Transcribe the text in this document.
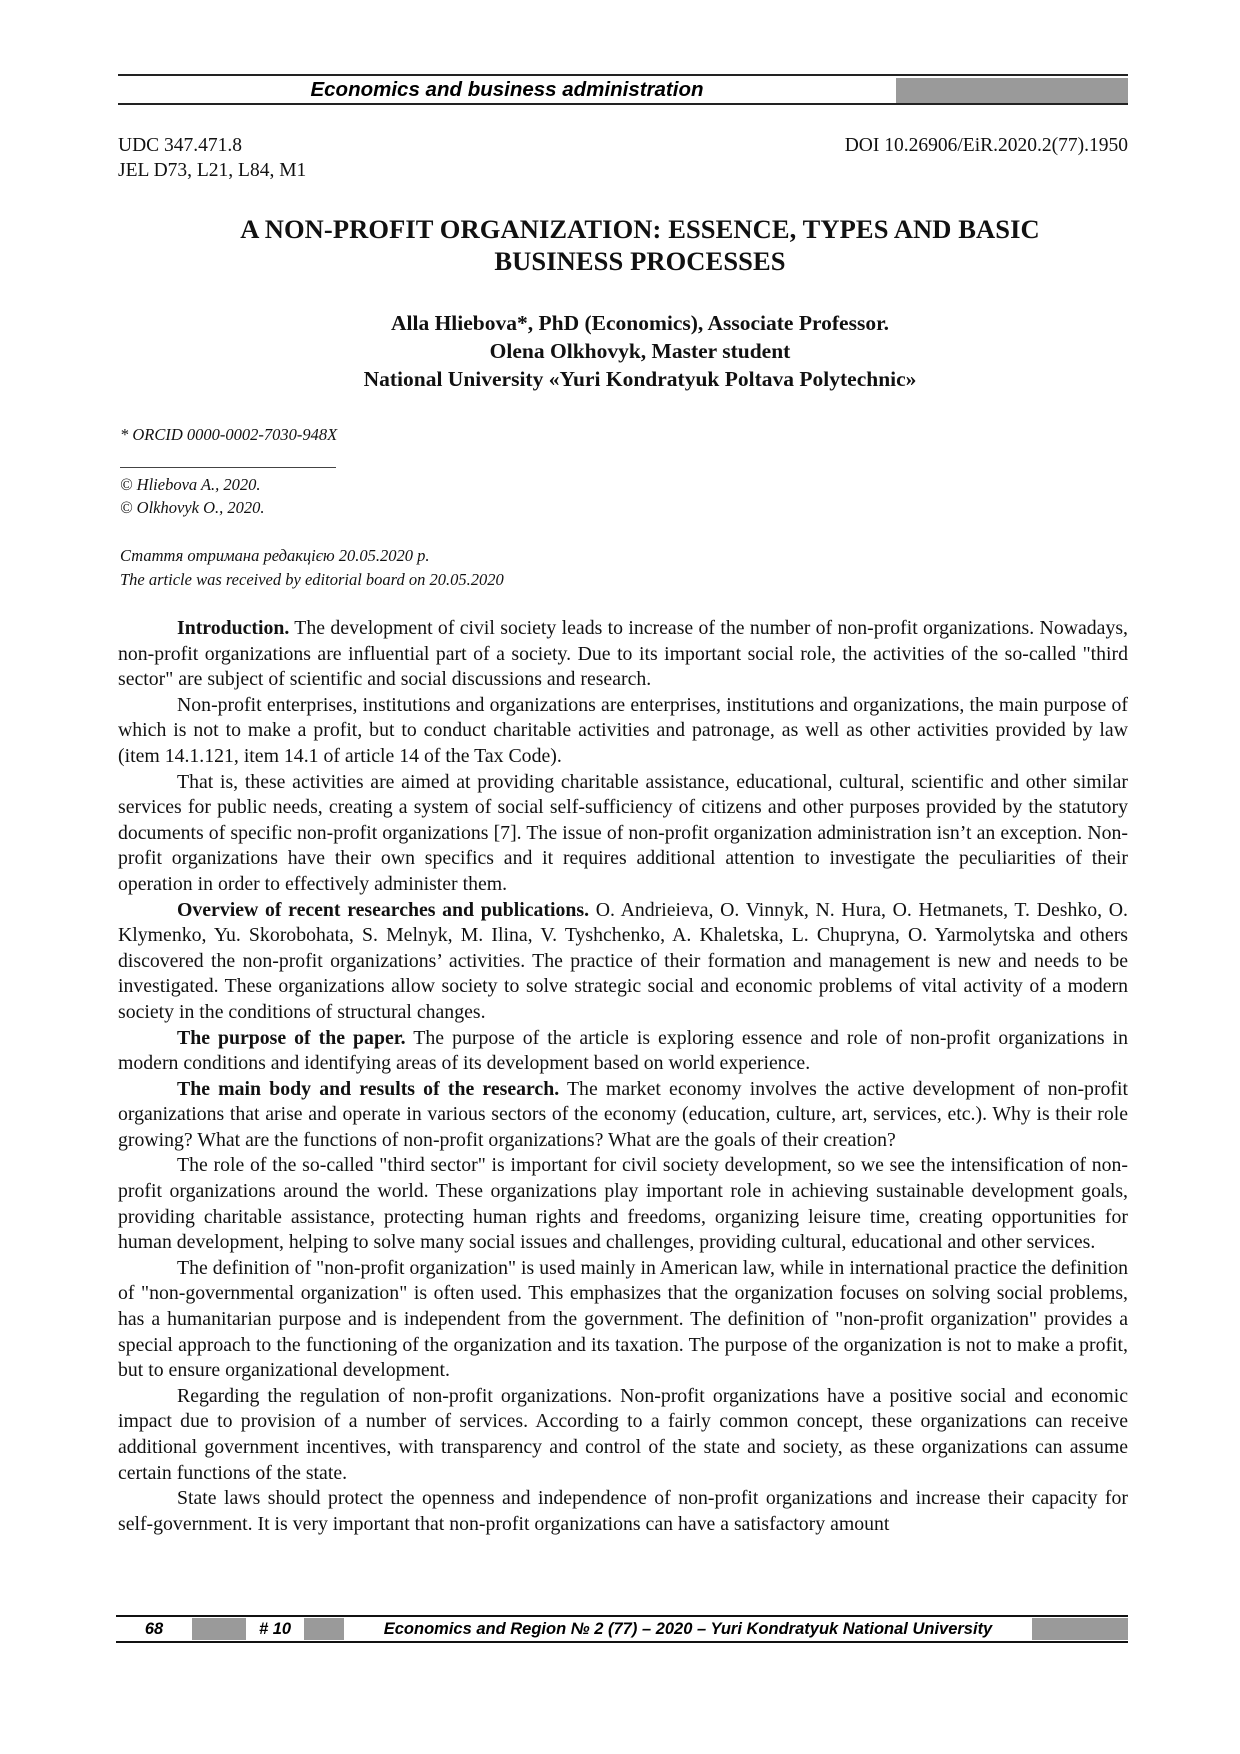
Economics and business administration
UDC 347.471.8
JEL D73, L21, L84, M1
DOI 10.26906/EiR.2020.2(77).1950
A NON-PROFIT ORGANIZATION: ESSENCE, TYPES AND BASIC
BUSINESS PROCESSES
Alla Hliebova*, PhD (Economics), Associate Professor.
Olena Olkhovyk, Master student
National University «Yuri Kondratyuk Poltava Polytechnic»
* ORCID 0000-0002-7030-948X
© Hliebova A., 2020.
© Olkhovyk O., 2020.
Стаття отримана редакцією 20.05.2020 р.
The article was received by editorial board on 20.05.2020

Introduction. The development of civil society leads to increase of the number of non-profit organizations. Nowadays, non-profit organizations are influential part of a society. Due to its important social role, the activities of the so-called "third sector" are subject of scientific and social discussions and research.

Non-profit enterprises, institutions and organizations are enterprises, institutions and organizations, the main purpose of which is not to make a profit, but to conduct charitable activities and patronage, as well as other activities provided by law (item 14.1.121, item 14.1 of article 14 of the Tax Code).

That is, these activities are aimed at providing charitable assistance, educational, cultural, scientific and other similar services for public needs, creating a system of social self-sufficiency of citizens and other purposes provided by the statutory documents of specific non-profit organizations [7]. The issue of non-profit organization administration isn’t an exception. Non-profit organizations have their own specifics and it requires additional attention to investigate the peculiarities of their operation in order to effectively administer them.

Overview of recent researches and publications. O. Andrieieva, O. Vinnyk, N. Hura, O. Hetmanets, T. Deshko, O. Klymenko, Yu. Skorobohata, S. Melnyk, M. Ilina, V. Tyshchenko, A. Khaletska, L. Chupryna, O. Yarmolytska and others discovered the non-profit organizations’ activities. The practice of their formation and management is new and needs to be investigated. These organizations allow society to solve strategic social and economic problems of vital activity of a modern society in the conditions of structural changes.

The purpose of the paper. The purpose of the article is exploring essence and role of non-profit organizations in modern conditions and identifying areas of its development based on world experience.

The main body and results of the research. The market economy involves the active development of non-profit organizations that arise and operate in various sectors of the economy (education, culture, art, services, etc.). Why is their role growing? What are the functions of non-profit organizations? What are the goals of their creation?

The role of the so-called "third sector" is important for civil society development, so we see the intensification of non-profit organizations around the world. These organizations play important role in achieving sustainable development goals, providing charitable assistance, protecting human rights and freedoms, organizing leisure time, creating opportunities for human development, helping to solve many social issues and challenges, providing cultural, educational and other services.

The definition of "non-profit organization" is used mainly in American law, while in international practice the definition of "non-governmental organization" is often used. This emphasizes that the organization focuses on solving social problems, has a humanitarian purpose and is independent from the government. The definition of "non-profit organization" provides a special approach to the functioning of the organization and its taxation. The purpose of the organization is not to make a profit, but to ensure organizational development.

Regarding the regulation of non-profit organizations. Non-profit organizations have a positive social and economic impact due to provision of a number of services. According to a fairly common concept, these organizations can receive additional government incentives, with transparency and control of the state and society, as these organizations can assume certain functions of the state.

State laws should protect the openness and independence of non-profit organizations and increase their capacity for self-government. It is very important that non-profit organizations can have a satisfactory amount

68	# 10	Economics and Region № 2 (77) – 2020 – Yuri Kondratyuk National University
